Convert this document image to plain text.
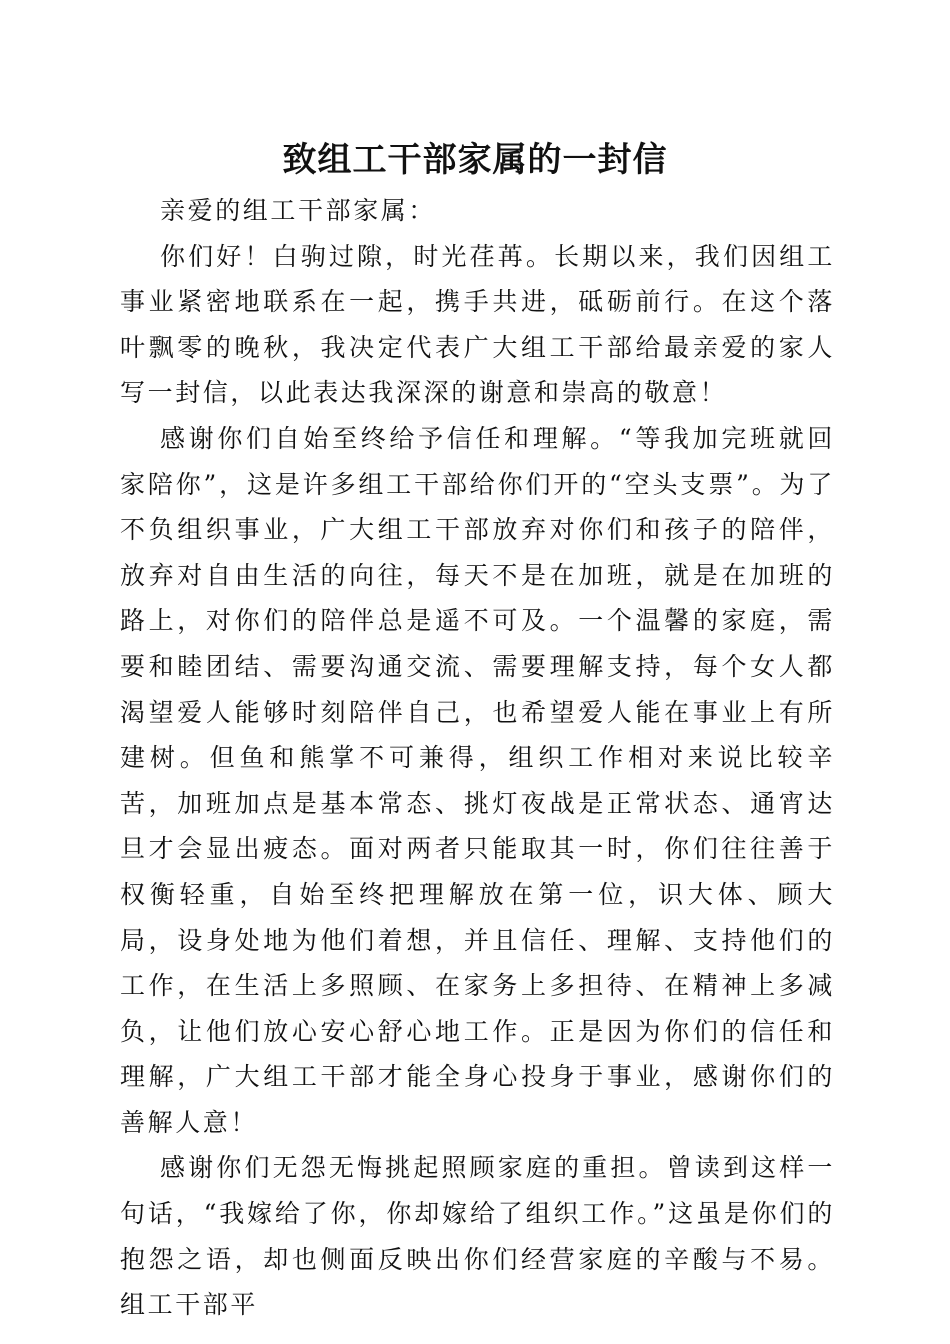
致组工干部家属的一封信

亲爱的组工干部家属：

你们好！白驹过隙，时光荏苒。长期以来，我们因组工事业紧密地联系在一起，携手共进，砥砺前行。在这个落叶飘零的晚秋，我决定代表广大组工干部给最亲爱的家人写一封信，以此表达我深深的谢意和崇高的敬意！

感谢你们自始至终给予信任和理解。“等我加完班就回家陪你”，这是许多组工干部给你们开的“空头支票”。为了不负组织事业，广大组工干部放弃对你们和孩子的陪伴，放弃对自由生活的向往，每天不是在加班，就是在加班的路上，对你们的陪伴总是遥不可及。一个温馨的家庭，需要和睦团结、需要沟通交流、需要理解支持，每个女人都渴望爱人能够时刻陪伴自己，也希望爱人能在事业上有所建树。但鱼和熊掌不可兼得，组织工作相对来说比较辛苦，加班加点是基本常态、挑灯夜战是正常状态、通宵达旦才会显出疲态。面对两者只能取其一时，你们往往善于权衡轻重，自始至终把理解放在第一位，识大体、顾大局，设身处地为他们着想，并且信任、理解、支持他们的工作，在生活上多照顾、在家务上多担待、在精神上多减负，让他们放心安心舒心地工作。正是因为你们的信任和理解，广大组工干部才能全身心投身于事业，感谢你们的善解人意！

感谢你们无怨无悔挑起照顾家庭的重担。曾读到这样一句话，“我嫁给了你，你却嫁给了组织工作。”这虽是你们的抱怨之语，却也侧面反映出你们经营家庭的辛酸与不易。组工干部平
